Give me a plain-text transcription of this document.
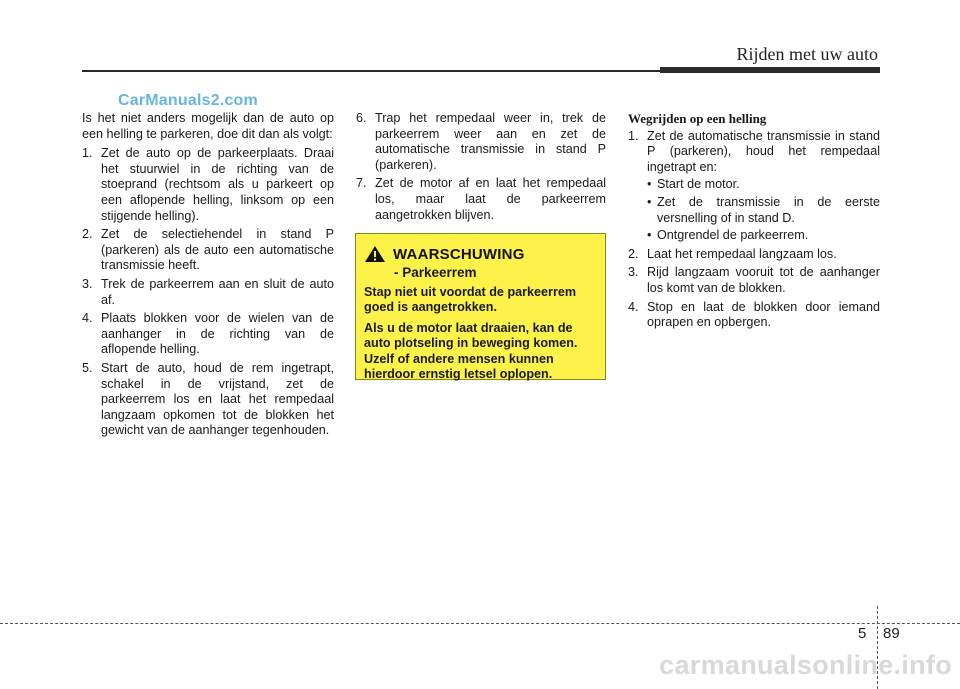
Rijden met uw auto
CarManuals2.com

Is het niet anders mogelijk dan de auto op een helling te parkeren, doe dit dan als volgt:

1. Zet de auto op de parkeerplaats. Draai het stuurwiel in de richting van de stoeprand (rechtsom als u parkeert op een aflopende helling, linksom op een stijgende helling).
2. Zet de selectiehendel in stand P (parkeren) als de auto een automatische transmissie heeft.
3. Trek de parkeerrem aan en sluit de auto af.
4. Plaats blokken voor de wielen van de aanhanger in de richting van de aflopende helling.
5. Start de auto, houd de rem ingetrapt, schakel in de vrijstand, zet de parkeerrem los en laat het rempedaal langzaam opkomen tot de blokken het gewicht van de aanhanger tegenhouden.
6. Trap het rempedaal weer in, trek de parkeerrem weer aan en zet de automatische transmissie in stand P (parkeren).
7. Zet de motor af en laat het rempedaal los, maar laat de parkeerrem aangetrokken blijven.
WAARSCHUWING
- Parkeerrem

Stap niet uit voordat de parkeerrem goed is aangetrokken.

Als u de motor laat draaien, kan de auto plotseling in beweging komen. Uzelf of andere mensen kunnen hierdoor ernstig letsel oplopen.

Wegrijden op een helling
1. Zet de automatische transmissie in stand P (parkeren), houd het rempedaal ingetrapt en:
• Start de motor.
• Zet de transmissie in de eerste versnelling of in stand D.
• Ontgrendel de parkeerrem.
2. Laat het rempedaal langzaam los.
3. Rijd langzaam vooruit tot de aanhanger los komt van de blokken.
4. Stop en laat de blokken door iemand oprapen en opbergen.
5 89
carmanualsonline.info
